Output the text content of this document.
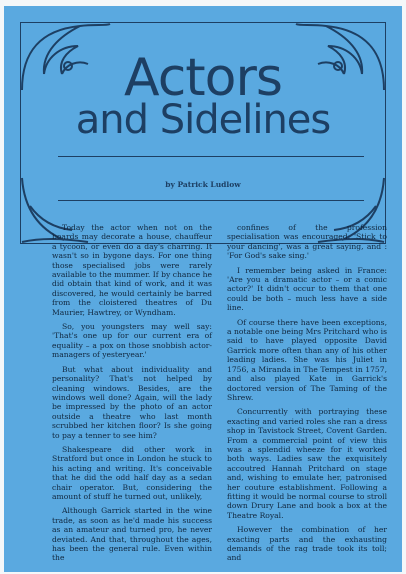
Actors
and Sidelines
by Patrick Ludlow

Today the actor when not on the boards may decorate a house, chauffeur a tycoon, or even do a day's charring. It wasn't so in bygone days. For one thing those specialised jobs were rarely available to the mummer. If by chance he did obtain that kind of work, and it was discovered, he would certainly be barred from the cloistered theatres of Du Maurier, Hawtrey, or Wyndham.

So, you youngsters may well say: 'That's one up for our current era of equality – a pox on those snobbish actor-managers of yesteryear.'

But what about individuality and personality? That's not helped by cleaning windows. Besides, are the windows well done? Again, will the lady be impressed by the photo of an actor outside a theatre who last month scrubbed her kitchen floor? Is she going to pay a tenner to see him?

Shakespeare did other work in Stratford but once in London he stuck to his acting and writing. It's conceivable that he did the odd half day as a sedan chair operator. But, considering the amount of stuff he turned out, unlikely,

Although Garrick started in the wine trade, as soon as he'd made his success as an amateur and turned pro, he never deviated. And that, throughout the ages, has been the general rule. Even within the

confines of the profession specialisation was encouraged: 'Stick to your dancing', was a great saying, and : 'For God's sake sing.'

I remember being asked in France: 'Are you a dramatic actor – or a comic actor?' It didn't occur to them that one could be both – much less have a side line.

Of course there have been exceptions, a notable one being Mrs Pritchard who is said to have played opposite David Garrick more often than any of his other leading ladies. She was his Juliet in 1756, a Miranda in The Tempest in 1757, and also played Kate in Garrick's doctored version of The Taming of the Shrew.

Concurrently with portraying these exacting and varied roles she ran a dress shop in Tavistock Street, Covent Garden. From a commercial point of view this was a splendid wheeze for it worked both ways. Ladies saw the exquisitely accoutred Hannah Pritchard on stage and, wishing to emulate her, patronised her couture establishment. Following a fitting it would be normal course to stroll down Drury Lane and book a box at the Theatre Royal.

However the combination of her exacting parts and the exhausting demands of the rag trade took its toll; and
